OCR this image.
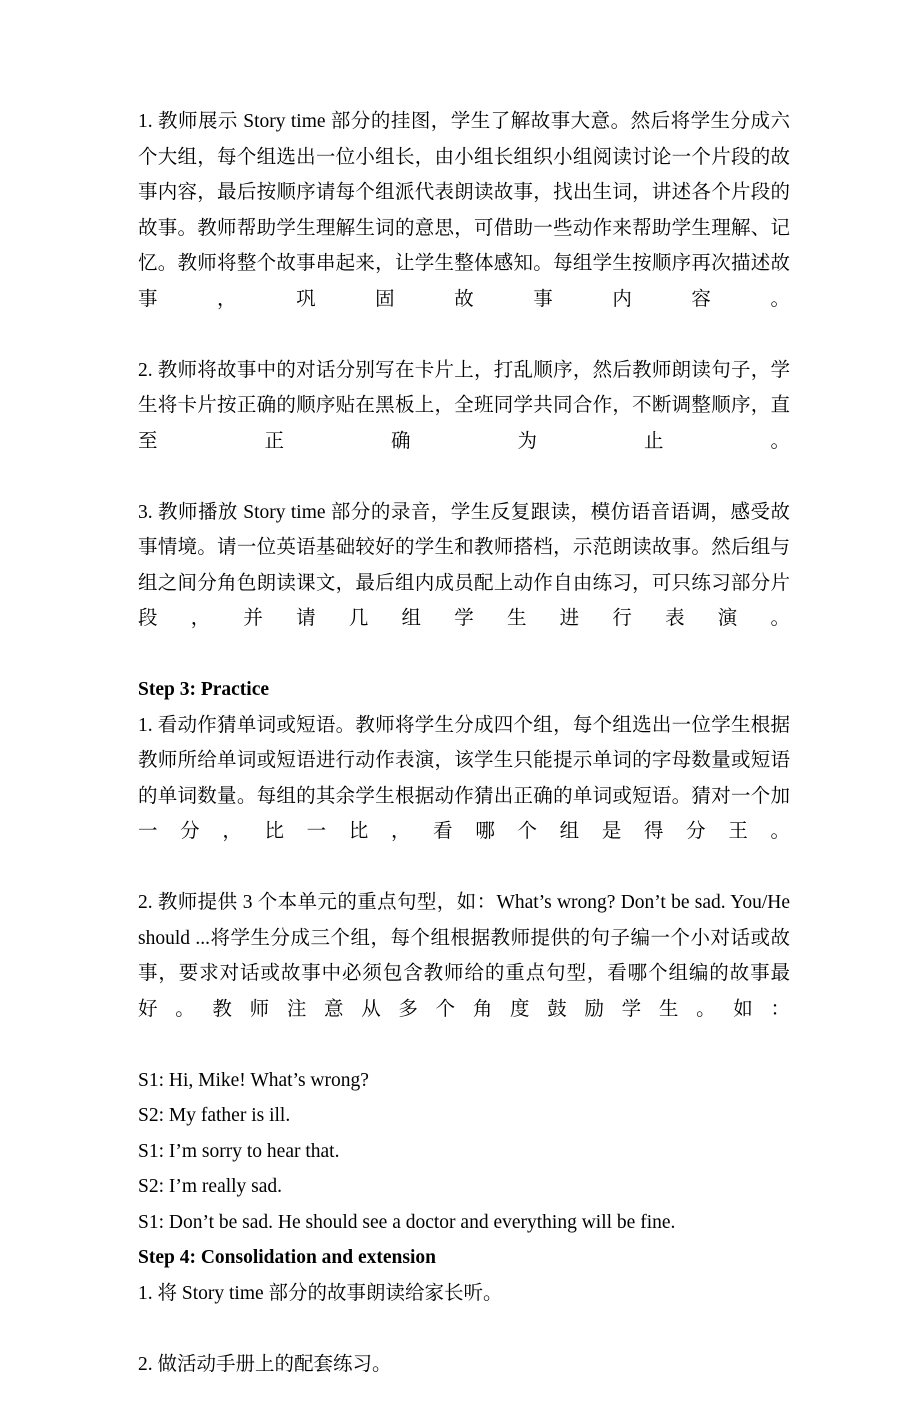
1. 教师展示 Story time 部分的挂图，学生了解故事大意。然后将学生分成六个大组，每个组选出一位小组长，由小组长组织小组阅读讨论一个片段的故事内容，最后按顺序请每个组派代表朗读故事，找出生词，讲述各个片段的故事。教师帮助学生理解生词的意思，可借助一些动作来帮助学生理解、记忆。教师将整个故事串起来，让学生整体感知。每组学生按顺序再次描述故事，巩固故事内容。

2. 教师将故事中的对话分别写在卡片上，打乱顺序，然后教师朗读句子，学生将卡片按正确的顺序贴在黑板上，全班同学共同合作，不断调整顺序，直至正确为止。

3. 教师播放 Story time 部分的录音，学生反复跟读，模仿语音语调，感受故事情境。请一位英语基础较好的学生和教师搭档，示范朗读故事。然后组与组之间分角色朗读课文，最后组内成员配上动作自由练习，可只练习部分片段，并请几组学生进行表演。

Step 3: Practice

1. 看动作猜单词或短语。教师将学生分成四个组，每个组选出一位学生根据教师所给单词或短语进行动作表演，该学生只能提示单词的字母数量或短语的单词数量。每组的其余学生根据动作猜出正确的单词或短语。猜对一个加一分，比一比，看哪个组是得分王。

2. 教师提供 3 个本单元的重点句型，如：What’s wrong? Don’t be sad. You/He should ...将学生分成三个组，每个组根据教师提供的句子编一个小对话或故事，要求对话或故事中必须包含教师给的重点句型，看哪个组编的故事最好。教师注意从多个角度鼓励学生。如：

S1: Hi, Mike! What’s wrong?

S2: My father is ill.

S1: I’m sorry to hear that.

S2: I’m really sad.

S1: Don’t be sad. He should see a doctor and everything will be fine.

Step 4: Consolidation and extension

1. 将 Story time 部分的故事朗读给家长听。

2. 做活动手册上的配套练习。
